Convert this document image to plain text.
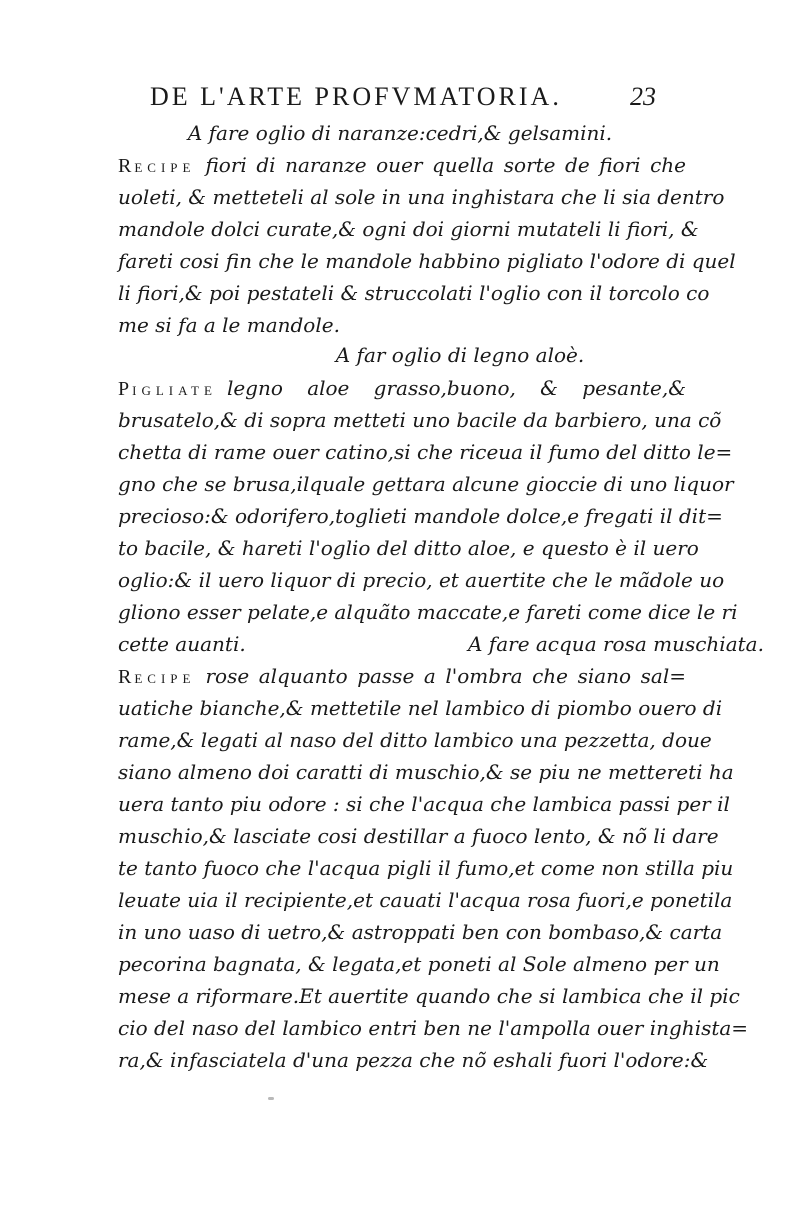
DE L'ARTE PROFVMATORIA.	23
A fare oglio di naranze:cedri,& gelsamini.
RECIPE fiori di naranze ouer quella sorte de fiori che
uoleti, & metteteli al sole in una inghistara che li sia dentro
mandole dolci curate,& ogni doi giorni mutateli li fiori, &
fareti cosi fin che le mandole habbino pigliato l'odore di quel
li fiori,& poi pestateli & struccolati l'oglio con il torcolo co
me si fa a le mandole.
A far oglio di legno aloè.
PIGLIATE legno aloe grasso,buono, & pesante,&
brusatelo,& di sopra metteti uno bacile da barbiero, una cõ
chetta di rame ouer catino,si che riceua il fumo del ditto le=
gno che se brusa,ilquale gettara alcune gioccie di uno liquor
precioso:& odorifero,toglieti mandole dolce,e fregati il dit=
to bacile, & hareti l'oglio del ditto aloe, e questo è il uero
oglio:& il uero liquor di precio, et auertite che le mãdole uo
gliono esser pelate,e alquãto maccate,e fareti come dice le ri
cette auanti.	A fare acqua rosa muschiata.
RECIPE rose alquanto passe a l'ombra che siano sal=
uatiche bianche,& mettetile nel lambico di piombo ouero di
rame,& legati al naso del ditto lambico una pezzetta, doue
siano almeno doi caratti di muschio,& se piu ne mettereti ha
uera tanto piu odore : si che l'acqua che lambica passi per il
muschio,& lasciate cosi destillar a fuoco lento, & nõ li dare
te tanto fuoco che l'acqua pigli il fumo,et come non stilla piu
leuate uia il recipiente,et cauati l'acqua rosa fuori,e ponetila
in uno uaso di uetro,& astroppati ben con bombaso,& carta
pecorina bagnata, & legata,et poneti al Sole almeno per un
mese a riformare.Et auertite quando che si lambica che il pic
cio del naso del lambico entri ben ne l'ampolla ouer inghista=
ra,& infasciatela d'una pezza che nõ eshali fuori l'odore:&
